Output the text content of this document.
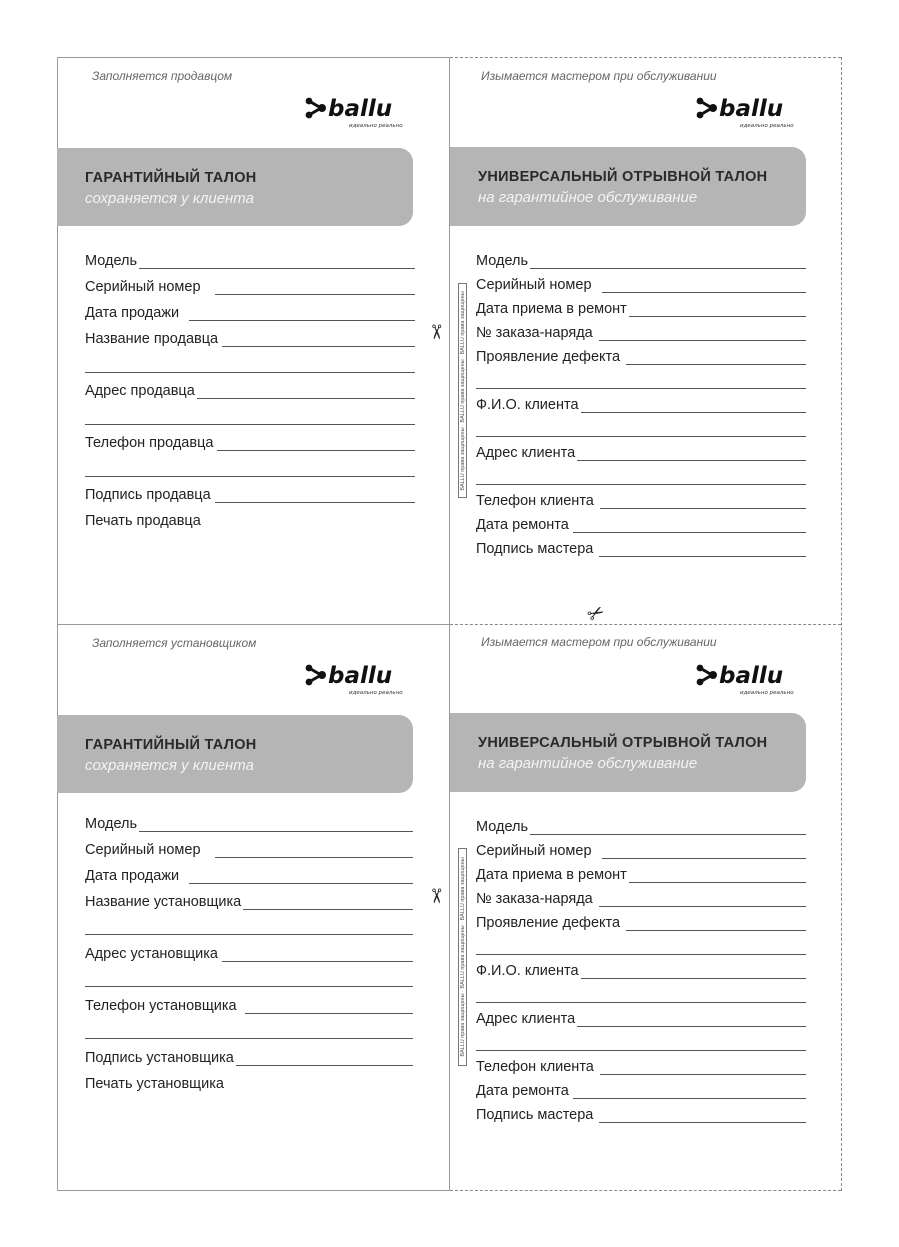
✂
✂
✂
BALLU права защищены · BALLU права защищены · BALLU права защищены
BALLU права защищены · BALLU права защищены · BALLU права защищены
Заполняется продавцом
ballu
идеально реально
ГАРАНТИЙНЫЙ ТАЛОН
сохраняется у клиента
Модель
Серийный номер
Дата продажи
Название продавца
Адрес продавца
Телефон продавца
Подпись продавца
Печать продавца
Изымается мастером при обслуживании
ballu
идеально реально
УНИВЕРСАЛЬНЫЙ ОТРЫВНОЙ ТАЛОН
на гарантийное обслуживание
Модель
Серийный номер
Дата приема в ремонт
№ заказа-наряда
Проявление дефекта
Ф.И.О. клиента
Адрес клиента
Телефон клиента
Дата ремонта
Подпись мастера
Заполняется установщиком
ballu
идеально реально
ГАРАНТИЙНЫЙ ТАЛОН
сохраняется у клиента
Модель
Серийный номер
Дата продажи
Название установщика
Адрес установщика
Телефон установщика
Подпись установщика
Печать установщика
Изымается мастером при обслуживании
ballu
идеально реально
УНИВЕРСАЛЬНЫЙ ОТРЫВНОЙ ТАЛОН
на гарантийное обслуживание
Модель
Серийный номер
Дата приема в ремонт
№ заказа-наряда
Проявление дефекта
Ф.И.О. клиента
Адрес клиента
Телефон клиента
Дата ремонта
Подпись мастера
